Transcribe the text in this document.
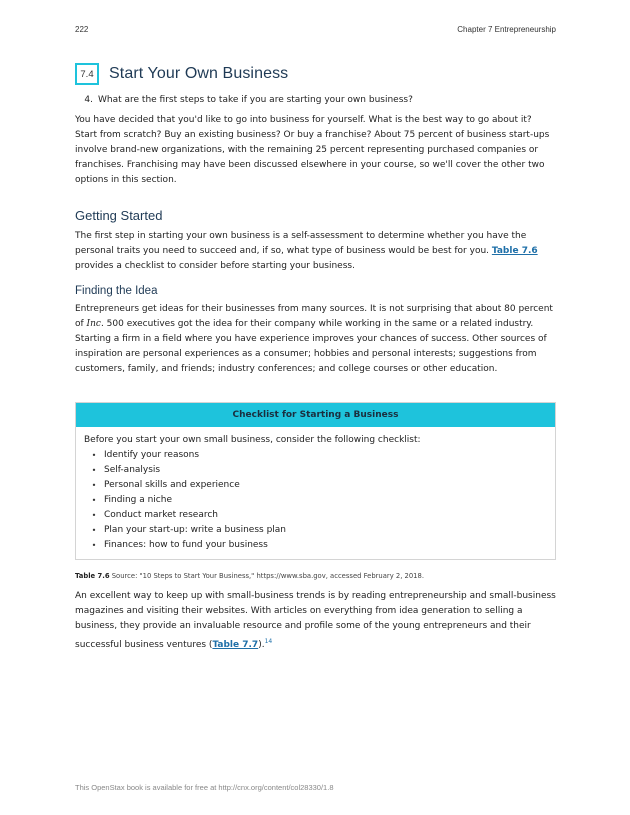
222	Chapter 7 Entrepreneurship
7.4 Start Your Own Business
4. What are the first steps to take if you are starting your own business?

You have decided that you'd like to go into business for yourself. What is the best way to go about it? Start from scratch? Buy an existing business? Or buy a franchise? About 75 percent of business start-ups involve brand-new organizations, with the remaining 25 percent representing purchased companies or franchises. Franchising may have been discussed elsewhere in your course, so we'll cover the other two options in this section.

Getting Started

The first step in starting your own business is a self-assessment to determine whether you have the personal traits you need to succeed and, if so, what type of business would be best for you. Table 7.6 provides a checklist to consider before starting your business.

Finding the Idea

Entrepreneurs get ideas for their businesses from many sources. It is not surprising that about 80 percent of Inc. 500 executives got the idea for their company while working in the same or a related industry. Starting a firm in a field where you have experience improves your chances of success. Other sources of inspiration are personal experiences as a consumer; hobbies and personal interests; suggestions from customers, family, and friends; industry conferences; and college courses or other education.

Checklist for Starting a Business
Before you start your own small business, consider the following checklist:
• Identify your reasons
• Self-analysis
• Personal skills and experience
• Finding a niche
• Conduct market research
• Plan your start-up: write a business plan
• Finances: how to fund your business
Table 7.6 Source: "10 Steps to Start Your Business," https://www.sba.gov, accessed February 2, 2018.

An excellent way to keep up with small-business trends is by reading entrepreneurship and small-business magazines and visiting their websites. With articles on everything from idea generation to selling a business, they provide an invaluable resource and profile some of the young entrepreneurs and their successful business ventures (Table 7.7).$^{14}$

This OpenStax book is available for free at http://cnx.org/content/col28330/1.8
